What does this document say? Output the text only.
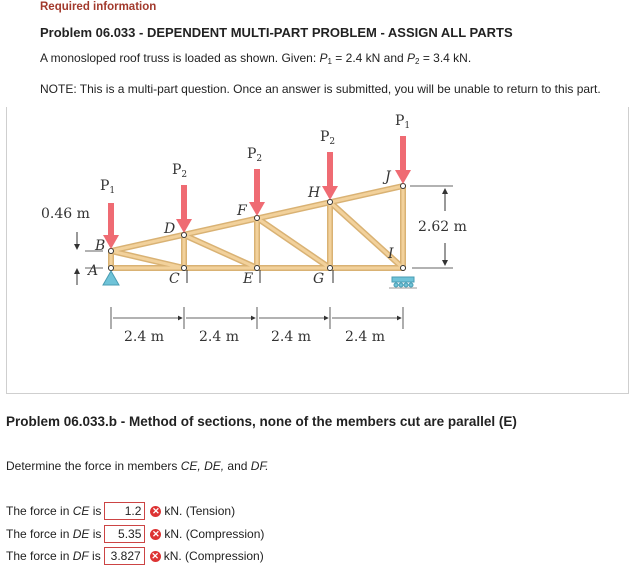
Required information
Problem 06.033 - DEPENDENT MULTI-PART PROBLEM - ASSIGN ALL PARTS
A monosloped roof truss is loaded as shown. Given: $P_1 = 2.4$ kN and $P_2 = 3.4$ kN.
NOTE: This is a multi-part question. Once an answer is submitted, you will be unable to return to this part.
$P_1$
$P_2$
$P_2$
$P_2$
$P_1$
A
B
C
D
E
F
G
H
I
J
0.46 m
2.62 m
2.4 m	2.4 m 2.4 m 2.4 m
Problem 06.033.b - Method of sections, none of the members cut are parallel (E)
Determine the force in members CE, DE, and DF.
The force in CE is	1.2	✕ kN. (Tension)
The force in DE is	5.35	✕ kN. (Compression)
The force in DF is 3.827	✕ kN. (Compression)
